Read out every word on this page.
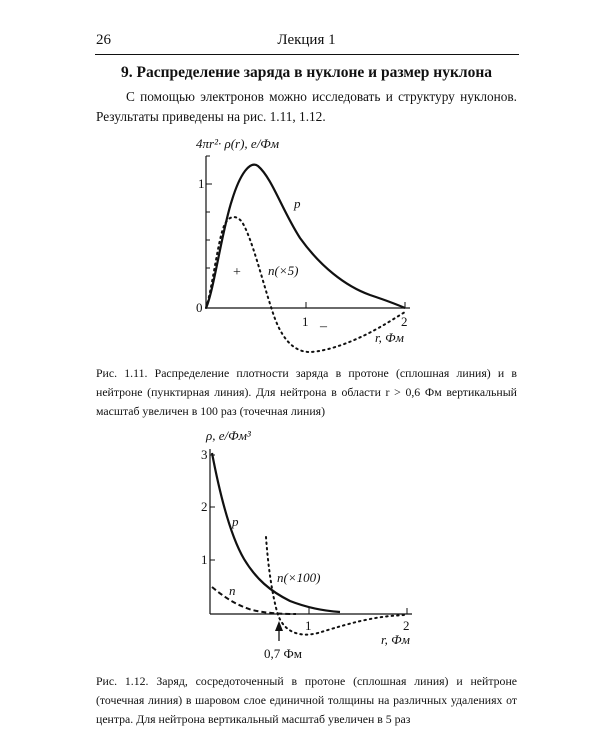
26	Лекция 1
9. Распределение заряда в нуклоне и размер нуклона

С помощью электронов можно исследовать и структуру нуклонов. Результаты приведены на рис. 1.11, 1.12.

4πr²· ρ(r), e/Фм
1
0
1	2
r, Фм
p
n(×5)
+
–

Рис. 1.11. Распределение плотности заряда в протоне (сплошная линия) и в нейтроне (пунктирная линия). Для нейтрона в области r > 0,6 Фм вертикальный масштаб увеличен в 100 раз (точечная линия)

ρ, e/Фм³
3
2
1
1	2
r, Фм
p
n
n(×100)
0,7 Фм

Рис. 1.12. Заряд, сосредоточенный в протоне (сплошная линия) и нейтроне (точечная линия) в шаровом слое единичной толщины на различных удалениях от центра. Для нейтрона вертикальный масштаб увеличен в 5 раз
